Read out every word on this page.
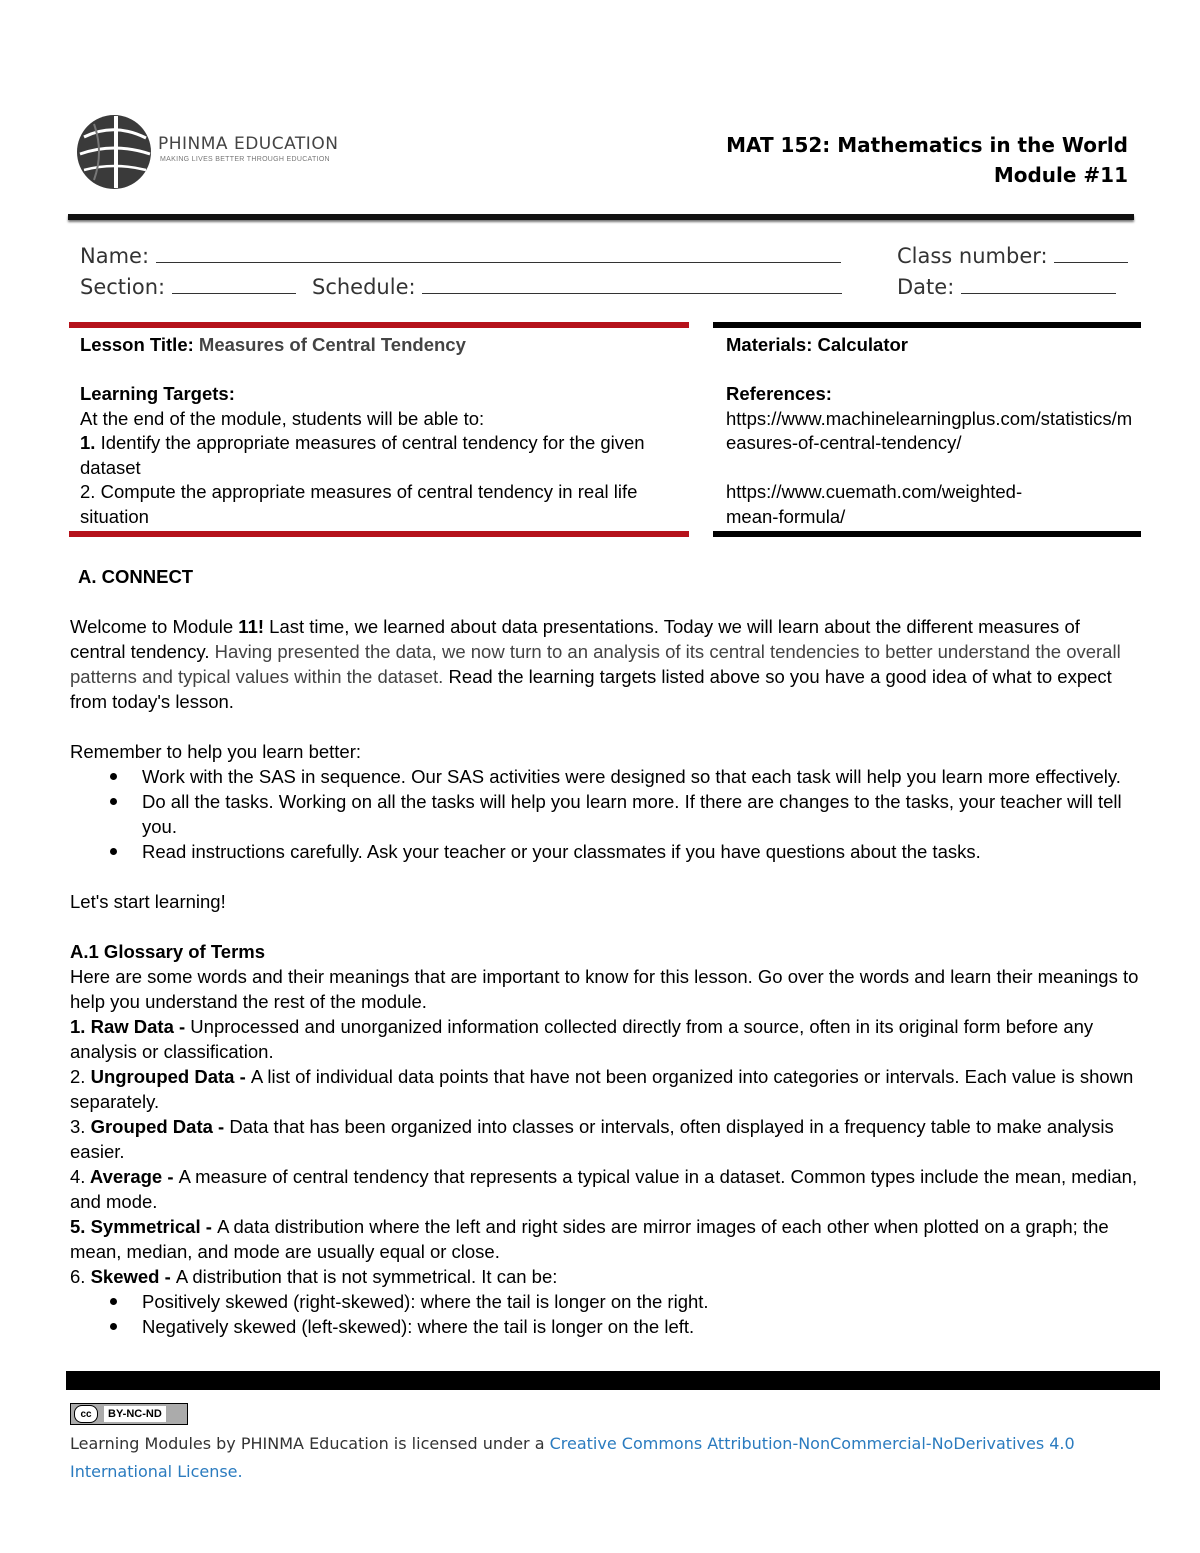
PHINMA EDUCATION
MAKING LIVES BETTER THROUGH EDUCATION
MAT 152: Mathematics in the World
Module #11
Name:	Class number:
Section:	Schedule:	Date:
Lesson Title: Measures of Central Tendency
Learning Targets:
At the end of the module, students will be able to:
1. Identify the appropriate measures of central tendency for the given dataset
2. Compute the appropriate measures of central tendency in real life situation
Materials: Calculator
References:
https://www.machinelearningplus.com/statistics/measures-of-central-tendency/
https://www.cuemath.com/weighted-mean-formula/
A. CONNECT

Welcome to Module 11! Last time, we learned about data presentations. Today we will learn about the different measures of central tendency. Having presented the data, we now turn to an analysis of its central tendencies to better understand the overall patterns and typical values within the dataset. Read the learning targets listed above so you have a good idea of what to expect from today's lesson.

Remember to help you learn better:
Work with the SAS in sequence. Our SAS activities were designed so that each task will help you learn more effectively.
Do all the tasks. Working on all the tasks will help you learn more. If there are changes to the tasks, your teacher will tell you.
Read instructions carefully. Ask your teacher or your classmates if you have questions about the tasks.
Let's start learning!
A.1 Glossary of Terms
Here are some words and their meanings that are important to know for this lesson. Go over the words and learn their meanings to help you understand the rest of the module.
1. Raw Data - Unprocessed and unorganized information collected directly from a source, often in its original form before any analysis or classification.
2. Ungrouped Data - A list of individual data points that have not been organized into categories or intervals. Each value is shown separately.
3. Grouped Data - Data that has been organized into classes or intervals, often displayed in a frequency table to make analysis easier.
4. Average - A measure of central tendency that represents a typical value in a dataset. Common types include the mean, median, and mode.
5. Symmetrical - A data distribution where the left and right sides are mirror images of each other when plotted on a graph; the mean, median, and mode are usually equal or close.
6. Skewed - A distribution that is not symmetrical. It can be:
Positively skewed (right-skewed): where the tail is longer on the right.
Negatively skewed (left-skewed): where the tail is longer on the left.
cc	BY-NC-ND
Learning Modules by PHINMA Education is licensed under a Creative Commons Attribution-NonCommercial-NoDerivatives 4.0 International License.
